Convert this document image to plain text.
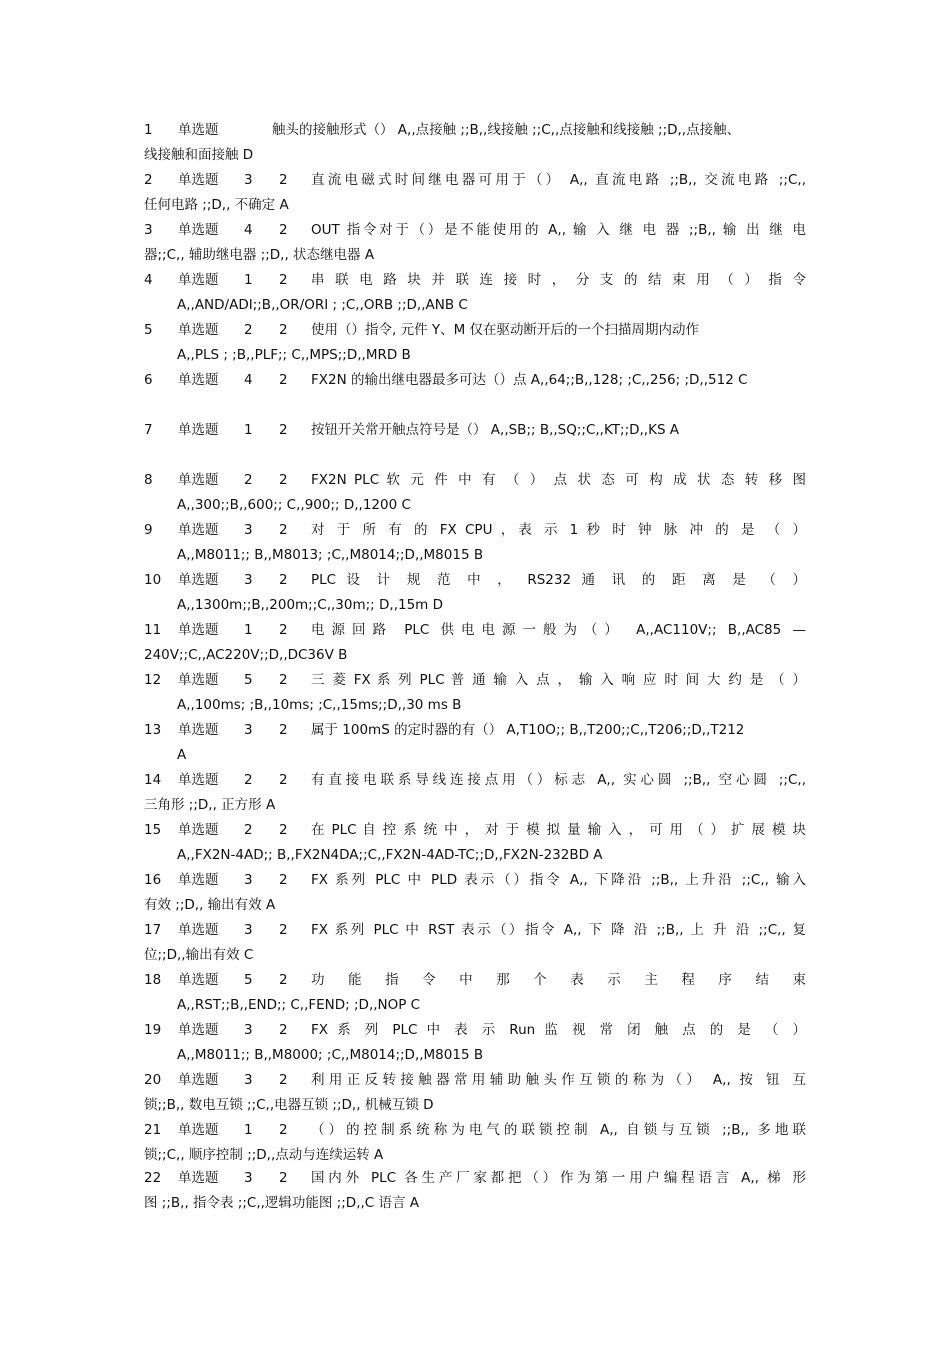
1 单选题	触头的接触形式（） A,,点接触 ;;B,,线接触 ;;C,,点接触和线接触 ;;D,,点接触、
线接触和面接触 D
2 单选题 3 2 直流电磁式时间继电器可用于（） A,, 直流电路 ;;B,, 交流电路 ;;C,,
任何电路 ;;D,, 不确定 A
3 单选题 4 2 OUT 指令对于（）是不能使用的 A,, 输 入 继 电 器 ;;B,, 输 出 继 电
器;;C,, 辅助继电器 ;;D,, 状态继电器 A
4 单选题 1 2 串 联 电 路 块 并 联 连 接 时 ， 分 支 的 结 束 用 （ ） 指 令
A,,AND/ADI;;B,,OR/ORI ; ;C,,ORB ;;D,,ANB C
5 单选题 2 2 使用（）指令, 元件 Y、M 仅在驱动断开后的一个扫描周期内动作
A,,PLS ; ;B,,PLF;; C,,MPS;;D,,MRD B
6 单选题 4 2 FX2N 的输出继电器最多可达（）点 A,,64;;B,,128; ;C,,256; ;D,,512 C
7 单选题 1 2 按钮开关常开触点符号是（） A,,SB;; B,,SQ;;C,,KT;;D,,KS A
8 单选题 2 2 FX2N PLC 软 元 件 中 有 （ ） 点 状 态 可 构 成 状 态 转 移 图
A,,300;;B,,600;; C,,900;; D,,1200 C
9 单选题 3 2 对 于 所 有 的 FX CPU ，表 示 1 秒 时 钟 脉 冲 的 是 （ ）
A,,M8011;; B,,M8013; ;C,,M8014;;D,,M8015 B
10 单选题 3 2 PLC 设 计 规 范 中 ， RS232 通 讯 的 距 离 是 （ ）
A,,1300m;;B,,200m;;C,,30m;; D,,15m D
11 单选题 1 2 电源回路 PLC 供电电源一般为（） A,,AC110V;; B,,AC85 —
240V;;C,,AC220V;;D,,DC36V B
12 单选题 5 2 三 菱 FX 系 列 PLC 普 通 输 入 点 ， 输 入 响 应 时 间 大 约 是 （ ）
A,,100ms; ;B,,10ms; ;C,,15ms;;D,,30 ms B
13 单选题 3 2 属于 100mS 的定时器的有（） A,T10O;; B,,T200;;C,,T206;;D,,T212
A
14 单选题 2 2 有直接电联系导线连接点用（）标志 A,, 实心圆 ;;B,, 空心圆 ;;C,,
三角形 ;;D,, 正方形 A
15 单选题 2 2 在 PLC 自 控 系 统 中 ， 对 于 模 拟 量 输 入 ， 可 用 （ ） 扩 展 模 块
A,,FX2N-4AD;; B,,FX2N4DA;;C,,FX2N-4AD-TC;;D,,FX2N-232BD A
16 单选题 3 2 FX 系列 PLC 中 PLD 表示（）指令 A,, 下降沿 ;;B,, 上升沿 ;;C,, 输入
有效 ;;D,, 输出有效 A
17 单选题 3 2 FX 系列 PLC 中 RST 表示（）指令 A,, 下 降 沿 ;;B,, 上 升 沿 ;;C,, 复
位;;D,,输出有效 C
18 单选题 5 2 功 能 指 令 中 那 个 表 示 主 程 序 结 束
A,,RST;;B,,END;; C,,FEND; ;D,,NOP C
19 单选题 3 2 FX 系 列 PLC 中 表 示 Run 监 视 常 闭 触 点 的 是 （ ）
A,,M8011;; B,,M8000; ;C,,M8014;;D,,M8015 B
20 单选题 3 2 利用正反转接触器常用辅助触头作互锁的称为（） A,, 按 钮 互
锁;;B,, 数电互锁 ;;C,,电器互锁 ;;D,, 机械互锁 D
21 单选题 1 2 （）的控制系统称为电气的联锁控制 A,, 自锁与互锁 ;;B,, 多地联
锁;;C,, 顺序控制 ;;D,,点动与连续运转 A
22 单选题 3 2 国内外 PLC 各生产厂家都把（）作为第一用户编程语言 A,, 梯 形
图 ;;B,, 指令表 ;;C,,逻辑功能图 ;;D,,C 语言 A
